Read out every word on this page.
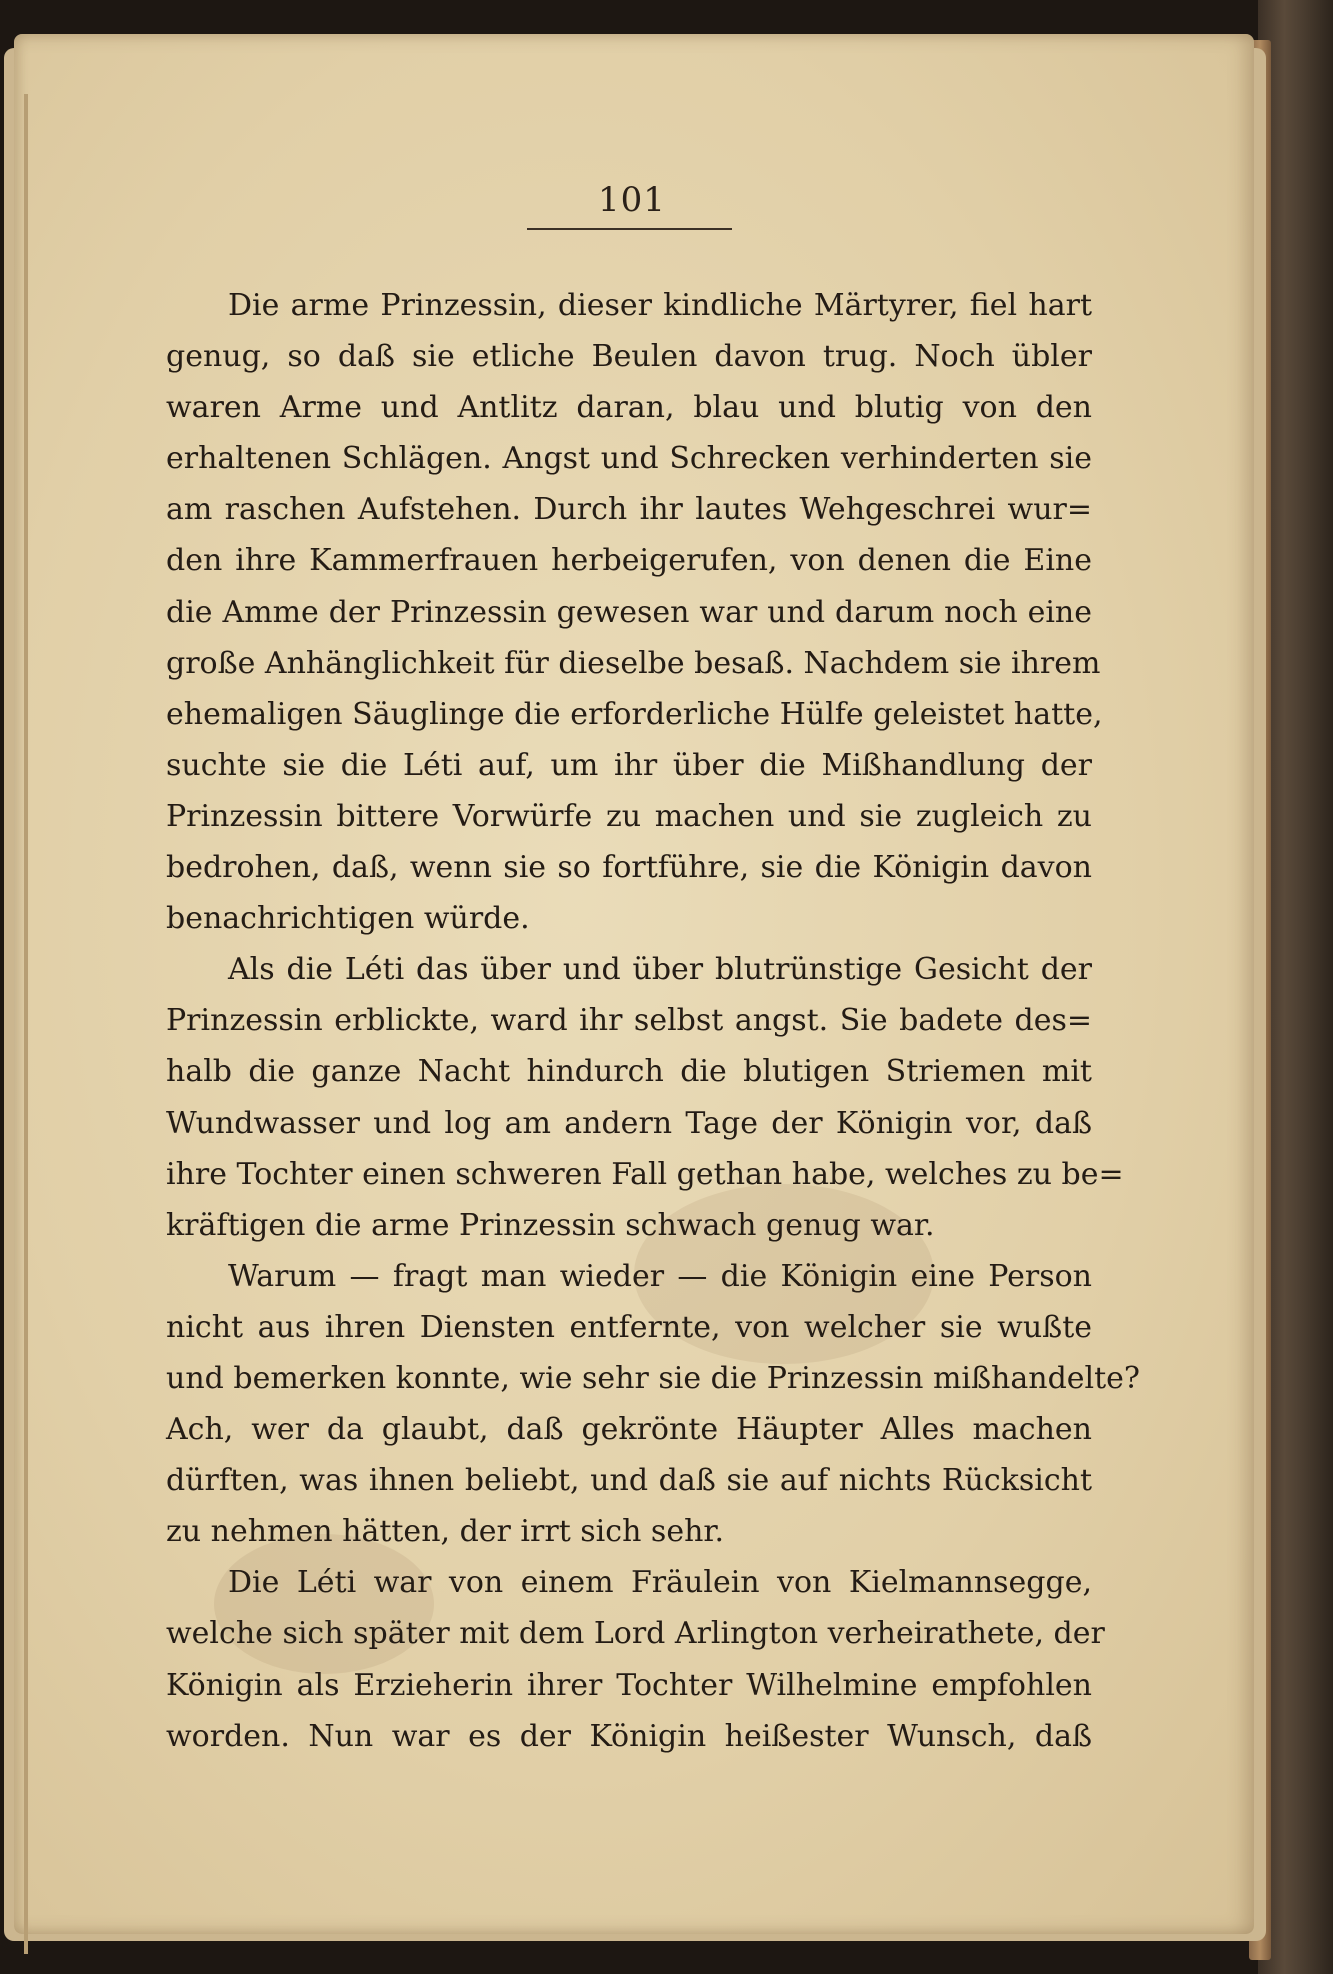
101
Die arme Prinzessin, dieser kindliche Märtyrer, fiel hart
genug, so daß sie etliche Beulen davon trug. Noch übler
waren Arme und Antlitz daran, blau und blutig von den
erhaltenen Schlägen. Angst und Schrecken verhinderten sie
am raschen Aufstehen. Durch ihr lautes Wehgeschrei wur=
den ihre Kammerfrauen herbeigerufen, von denen die Eine
die Amme der Prinzessin gewesen war und darum noch eine
große Anhänglichkeit für dieselbe besaß. Nachdem sie ihrem
ehemaligen Säuglinge die erforderliche Hülfe geleistet hatte,
suchte sie die Léti auf, um ihr über die Mißhandlung der
Prinzessin bittere Vorwürfe zu machen und sie zugleich zu
bedrohen, daß, wenn sie so fortführe, sie die Königin davon
benachrichtigen würde.
Als die Léti das über und über blutrünstige Gesicht der
Prinzessin erblickte, ward ihr selbst angst. Sie badete des=
halb die ganze Nacht hindurch die blutigen Striemen mit
Wundwasser und log am andern Tage der Königin vor, daß
ihre Tochter einen schweren Fall gethan habe, welches zu be=
kräftigen die arme Prinzessin schwach genug war.
Warum — fragt man wieder — die Königin eine Person
nicht aus ihren Diensten entfernte, von welcher sie wußte
und bemerken konnte, wie sehr sie die Prinzessin mißhandelte?
Ach, wer da glaubt, daß gekrönte Häupter Alles machen
dürften, was ihnen beliebt, und daß sie auf nichts Rücksicht
zu nehmen hätten, der irrt sich sehr.
Die Léti war von einem Fräulein von Kielmannsegge,
welche sich später mit dem Lord Arlington verheirathete, der
Königin als Erzieherin ihrer Tochter Wilhelmine empfohlen
worden. Nun war es der Königin heißester Wunsch, daß
